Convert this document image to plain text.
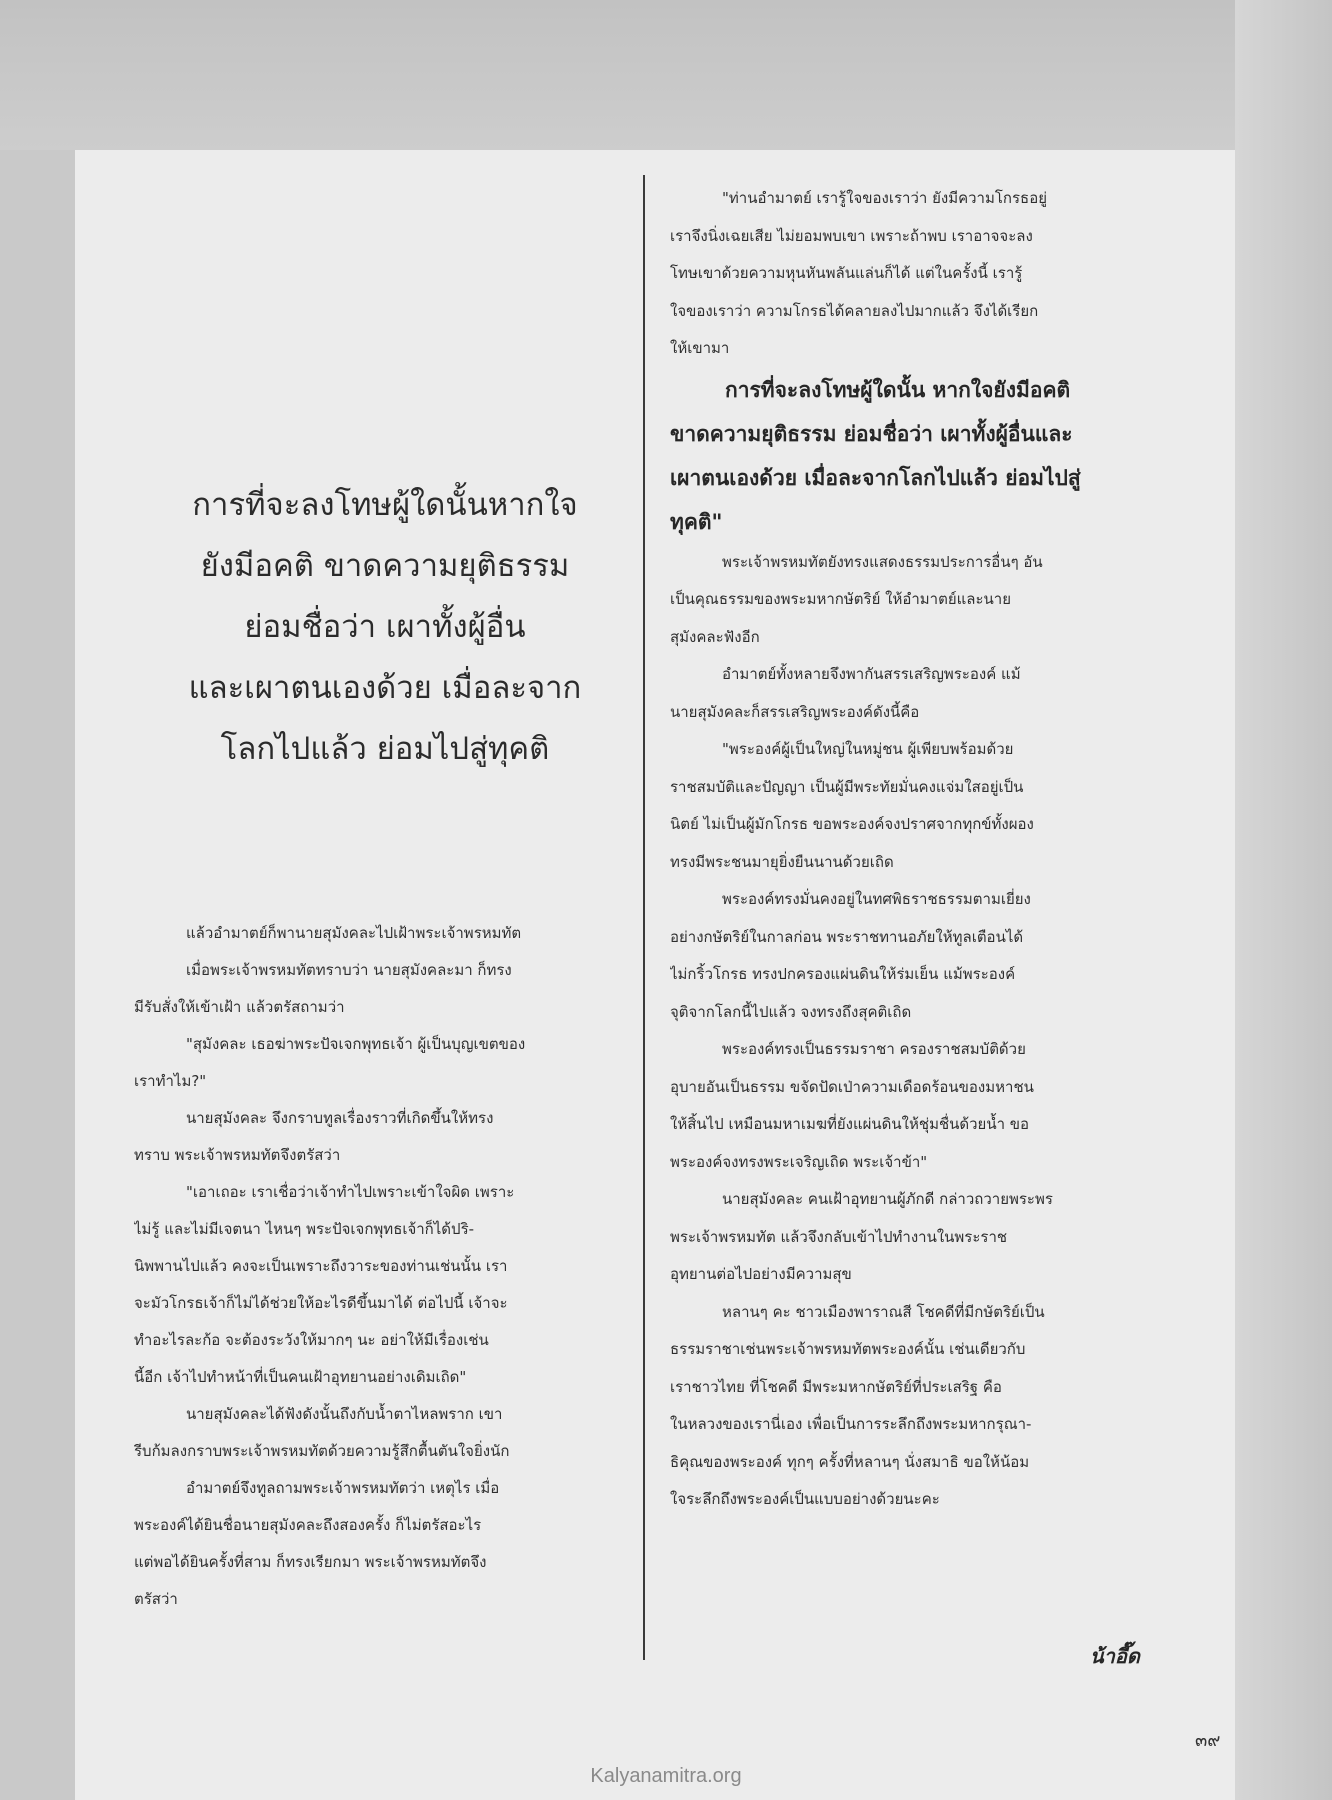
การที่จะลงโทษผู้ใดนั้นหากใจ
ยังมีอคติ ขาดความยุติธรรม
ย่อมชื่อว่า เผาทั้งผู้อื่น
และเผาตนเองด้วย เมื่อละจาก
โลกไปแล้ว ย่อมไปสู่ทุคติ
แล้วอำมาตย์ก็พานายสุมังคละไปเฝ้าพระเจ้าพรหมทัต
เมื่อพระเจ้าพรหมทัตทราบว่า นายสุมังคละมา ก็ทรง
มีรับสั่งให้เข้าเฝ้า แล้วตรัสถามว่า
"สุมังคละ เธอฆ่าพระปัจเจกพุทธเจ้า ผู้เป็นบุญเขตของ
เราทำไม?"
นายสุมังคละ จึงกราบทูลเรื่องราวที่เกิดขึ้นให้ทรง
ทราบ พระเจ้าพรหมทัตจึงตรัสว่า
"เอาเถอะ เราเชื่อว่าเจ้าทำไปเพราะเข้าใจผิด เพราะ
ไม่รู้ และไม่มีเจตนา ไหนๆ พระปัจเจกพุทธเจ้าก็ได้ปริ-
นิพพานไปแล้ว คงจะเป็นเพราะถึงวาระของท่านเช่นนั้น เรา
จะมัวโกรธเจ้าก็ไม่ได้ช่วยให้อะไรดีขึ้นมาได้ ต่อไปนี้ เจ้าจะ
ทำอะไรละก้อ จะต้องระวังให้มากๆ นะ อย่าให้มีเรื่องเช่น
นี้อีก เจ้าไปทำหน้าที่เป็นคนเฝ้าอุทยานอย่างเดิมเถิด"
นายสุมังคละได้ฟังดังนั้นถึงกับน้ำตาไหลพราก เขา
รีบก้มลงกราบพระเจ้าพรหมทัตด้วยความรู้สึกตื้นตันใจยิ่งนัก
อำมาตย์จึงทูลถามพระเจ้าพรหมทัตว่า เหตุไร เมื่อ
พระองค์ได้ยินชื่อนายสุมังคละถึงสองครั้ง ก็ไม่ตรัสอะไร
แต่พอได้ยินครั้งที่สาม ก็ทรงเรียกมา พระเจ้าพรหมทัตจึง
ตรัสว่า
"ท่านอำมาตย์ เรารู้ใจของเราว่า ยังมีความโกรธอยู่
เราจึงนิ่งเฉยเสีย ไม่ยอมพบเขา เพราะถ้าพบ เราอาจจะลง
โทษเขาด้วยความหุนหันพลันแล่นก็ได้ แต่ในครั้งนี้ เรารู้
ใจของเราว่า ความโกรธได้คลายลงไปมากแล้ว จึงได้เรียก
ให้เขามา
การที่จะลงโทษผู้ใดนั้น หากใจยังมีอคติ
ขาดความยุติธรรม ย่อมชื่อว่า เผาทั้งผู้อื่นและ
เผาตนเองด้วย เมื่อละจากโลกไปแล้ว ย่อมไปสู่
ทุคติ"
พระเจ้าพรหมทัตยังทรงแสดงธรรมประการอื่นๆ อัน
เป็นคุณธรรมของพระมหากษัตริย์ ให้อำมาตย์และนาย
สุมังคละฟังอีก
อำมาตย์ทั้งหลายจึงพากันสรรเสริญพระองค์ แม้
นายสุมังคละก็สรรเสริญพระองค์ดังนี้คือ
"พระองค์ผู้เป็นใหญ่ในหมู่ชน ผู้เพียบพร้อมด้วย
ราชสมบัติและปัญญา เป็นผู้มีพระทัยมั่นคงแจ่มใสอยู่เป็น
นิตย์ ไม่เป็นผู้มักโกรธ ขอพระองค์จงปราศจากทุกข์ทั้งผอง
ทรงมีพระชนมายุยิ่งยืนนานด้วยเถิด
พระองค์ทรงมั่นคงอยู่ในทศพิธราชธรรมตามเยี่ยง
อย่างกษัตริย์ในกาลก่อน พระราชทานอภัยให้ทูลเตือนได้
ไม่กริ้วโกรธ ทรงปกครองแผ่นดินให้ร่มเย็น แม้พระองค์
จุติจากโลกนี้ไปแล้ว จงทรงถึงสุคติเถิด
พระองค์ทรงเป็นธรรมราชา ครองราชสมบัติด้วย
อุบายอันเป็นธรรม ขจัดปัดเป่าความเดือดร้อนของมหาชน
ให้สิ้นไป เหมือนมหาเมฆที่ยังแผ่นดินให้ชุ่มชื่นด้วยน้ำ ขอ
พระองค์จงทรงพระเจริญเถิด พระเจ้าข้า"
นายสุมังคละ คนเฝ้าอุทยานผู้ภักดี กล่าวถวายพระพร
พระเจ้าพรหมทัต แล้วจึงกลับเข้าไปทำงานในพระราช
อุทยานต่อไปอย่างมีความสุข
หลานๆ คะ ชาวเมืองพาราณสี โชคดีที่มีกษัตริย์เป็น
ธรรมราชาเช่นพระเจ้าพรหมทัตพระองค์นั้น เช่นเดียวกับ
เราชาวไทย ที่โชคดี มีพระมหากษัตริย์ที่ประเสริฐ คือ
ในหลวงของเรานี่เอง เพื่อเป็นการระลึกถึงพระมหากรุณา-
ธิคุณของพระองค์ ทุกๆ ครั้งที่หลานๆ นั่งสมาธิ ขอให้น้อม
ใจระลึกถึงพระองค์เป็นแบบอย่างด้วยนะคะ
น้าอี๊ด
๓๙
Kalyanamitra.org
